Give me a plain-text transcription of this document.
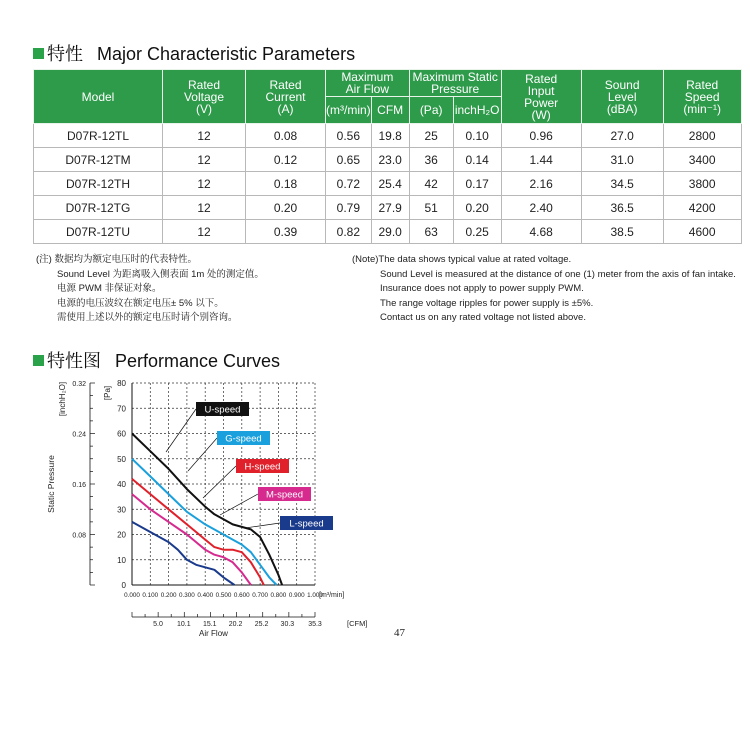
特性 Major Characteristic Parameters
Model	Rated
Voltage
(V)	Rated
Current
(A)	Maximum
Air Flow		Maximum Static
Pressure		Rated
Input
Power
(W)	Sound
Level
(dBA)	Rated
Speed
(min⁻¹)
			(m³/min)	CFM	(Pa)	inchH₂O			
D07R-12TL	12	0.08	0.56	19.8	25	0.10	0.96	27.0	2800
D07R-12TM	12	0.12	0.65	23.0	36	0.14	1.44	31.0	3400
D07R-12TH	12	0.18	0.72	25.4	42	0.17	2.16	34.5	3800
D07R-12TG	12	0.20	0.79	27.9	51	0.20	2.40	36.5	4200
D07R-12TU	12	0.39	0.82	29.0	63	0.25	4.68	38.5	4600
(注) 数据均为额定电压时的代表特性。
Sound Level 为距离吸入侧表面 1m 处的测定值。
电源 PWM 非保证对象。
电源的电压波纹在额定电压± 5% 以下。
需使用上述以外的额定电压时请个别咨询。
(Note)The data shows typical value at rated voltage.
Sound Level is measured at the distance of one (1) meter from the axis of fan intake.
Insurance does not apply to power supply PWM.
The range voltage ripples for power supply is ±5%.
Contact us on any rated voltage not listed above.
特性图 Performance Curves
0
10
20
30
40
50
60
70
80
0.08
0.16
0.24
0.32
[Pa]
[inchH₂O]
Static Pressure
0.000 0.100 0.200 0.300 0.400 0.500 0.600 0.700 0.800 0.900 1.000
[m³/min]
5.0 10.1 15.1 20.2 25.2 30.3 35.3	[CFM]
Air Flow
U-speed
G-speed
H-speed
M-speed
L-speed
47
